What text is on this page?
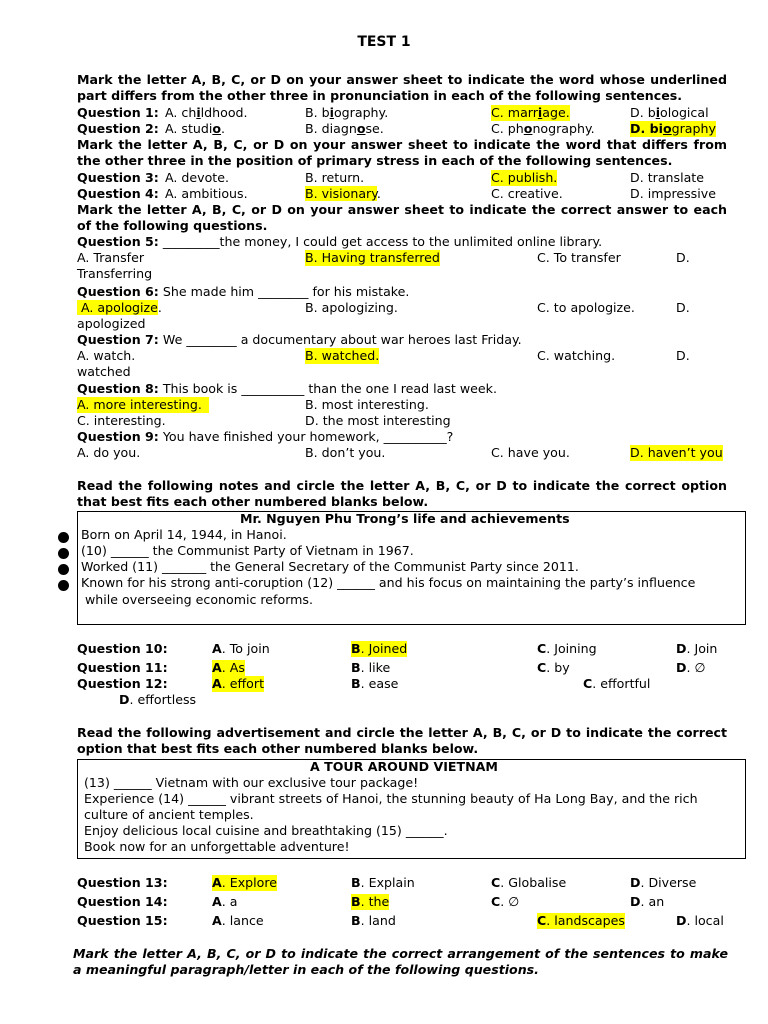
TEST 1
Mark the letter A, B, C, or D on your answer sheet to indicate the word whose underlined part differs from the other three in pronunciation in each of the following sentences.
Question 1: A. childhood.	B. biography.	C. marriage.	D. biological
Question 2: A. studio.	B. diagnose.	C. phonography.	D. biography
Mark the letter A, B, C, or D on your answer sheet to indicate the word that differs from the other three in the position of primary stress in each of the following sentences.
Question 3: A. devote.	B. return.	C. publish.	D. translate
Question 4: A. ambitious.	B. visionary.	C. creative.	D. impressive
Mark the letter A, B, C, or D on your answer sheet to indicate the correct answer to each of the following questions.
Question 5: _________the money, I could get access to the unlimited online library.
A. Transfer	B. Having transferred	C. To transfer	D.
Transferring
Question 6: She made him ________ for his mistake.
A. apologize.	B. apologizing.	C. to apologize.	D.
apologized
Question 7: We ________ a documentary about war heroes last Friday.
A. watch.	B. watched.	C. watching.	D.
watched
Question 8: This book is __________ than the one I read last week.
A. more interesting.	B. most interesting.
C. interesting.	D. the most interesting
Question 9: You have finished your homework, __________?
A. do you.	B. don’t you.	C. have you.	D. haven’t you
Read the following notes and circle the letter A, B, C, or D to indicate the correct option that best fits each other numbered blanks below.
Mr. Nguyen Phu Trong’s life and achievements
Born on April 14, 1944, in Hanoi.
(10) ______ the Communist Party of Vietnam in 1967.
Worked (11) _______ the General Secretary of the Communist Party since 2011.
Known for his strong anti-coruption (12) ______ and his focus on maintaining the party’s influence
while overseeing economic reforms.
Question 10:	A. To join	B. Joined	C. Joining	D. Join
Question 11:	A. As	B. like	C. by	D. ∅
Question 12:	A. effort	B. ease	C. effortful
D. effortless
Read the following advertisement and circle the letter A, B, C, or D to indicate the correct option that best fits each other numbered blanks below.
A TOUR AROUND VIETNAM
(13) ______ Vietnam with our exclusive tour package!
Experience (14) ______ vibrant streets of Hanoi, the stunning beauty of Ha Long Bay, and the rich
culture of ancient temples.
Enjoy delicious local cuisine and breathtaking (15) ______.
Book now for an unforgettable adventure!
Question 13:	A. Explore	B. Explain	C. Globalise	D. Diverse
Question 14:	A. a	B. the	C. ∅	D. an
Question 15:	A. lance	B. land	C. landscapes	D. local
Mark the letter A, B, C, or D to indicate the correct arrangement of the sentences to make a meaningful paragraph/letter in each of the following questions.
